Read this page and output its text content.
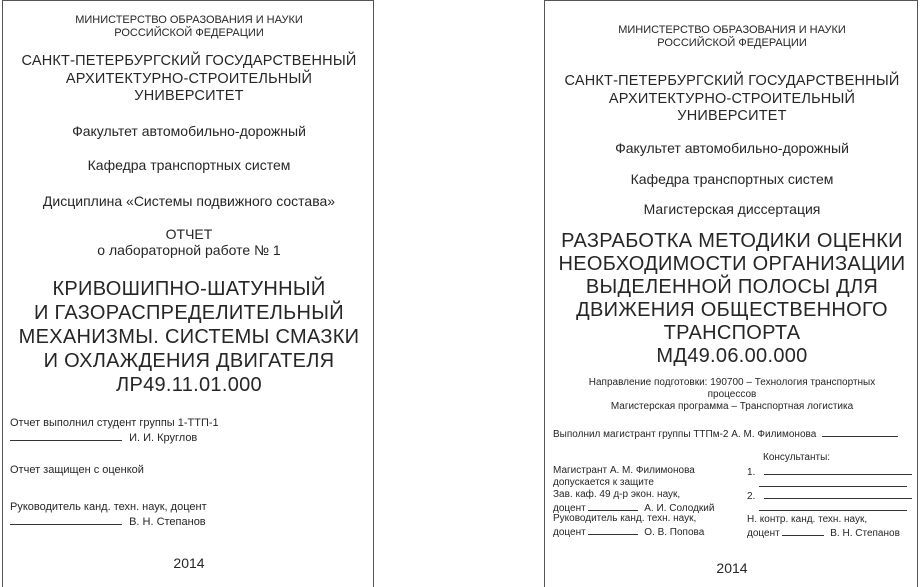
МИНИСТЕРСТВО ОБРАЗОВАНИЯ И НАУКИ
РОССИЙСКОЙ ФЕДЕРАЦИИ
САНКТ-ПЕТЕРБУРГСКИЙ ГОСУДАРСТВЕННЫЙ
АРХИТЕКТУРНО-СТРОИТЕЛЬНЫЙ
УНИВЕРСИТЕТ
Факультет автомобильно-дорожный
Кафедра транспортных систем
Дисциплина «Системы подвижного состава»
ОТЧЕТ
о лабораторной работе № 1
КРИВОШИПНО-ШАТУННЫЙ
И ГАЗОРАСПРЕДЕЛИТЕЛЬНЫЙ
МЕХАНИЗМЫ. СИСТЕМЫ СМАЗКИ
И ОХЛАЖДЕНИЯ ДВИГАТЕЛЯ
ЛР49.11.01.000
Отчет выполнил студент группы 1-ТТП-1
И. И. Круглов
Отчет защищен с оценкой
Руководитель канд. техн. наук, доцент
В. Н. Степанов
2014
МИНИСТЕРСТВО ОБРАЗОВАНИЯ И НАУКИ
РОССИЙСКОЙ ФЕДЕРАЦИИ
САНКТ-ПЕТЕРБУРГСКИЙ ГОСУДАРСТВЕННЫЙ
АРХИТЕКТУРНО-СТРОИТЕЛЬНЫЙ
УНИВЕРСИТЕТ
Факультет автомобильно-дорожный
Кафедра транспортных систем
Магистерская диссертация
РАЗРАБОТКА МЕТОДИКИ ОЦЕНКИ
НЕОБХОДИМОСТИ ОРГАНИЗАЦИИ
ВЫДЕЛЕННОЙ ПОЛОСЫ ДЛЯ
ДВИЖЕНИЯ ОБЩЕСТВЕННОГО
ТРАНСПОРТА
МД49.06.00.000
Направление подготовки: 190700 – Технология транспортных
процессов
Магистерская программа – Транспортная логистика
Выполнил магистрант группы ТТПм-2 А. М. Филимонова
Магистрант А. М. Филимонова
допускается к защите
Зав. каф. 49 д-р экон. наук,
доцент	А. И. Солодкий
Руководитель канд. техн. наук,
доцент	О. В. Попова
Консультанты:
1.
2.
Н. контр. канд. техн. наук,
доцент	В. Н. Степанов
2014
